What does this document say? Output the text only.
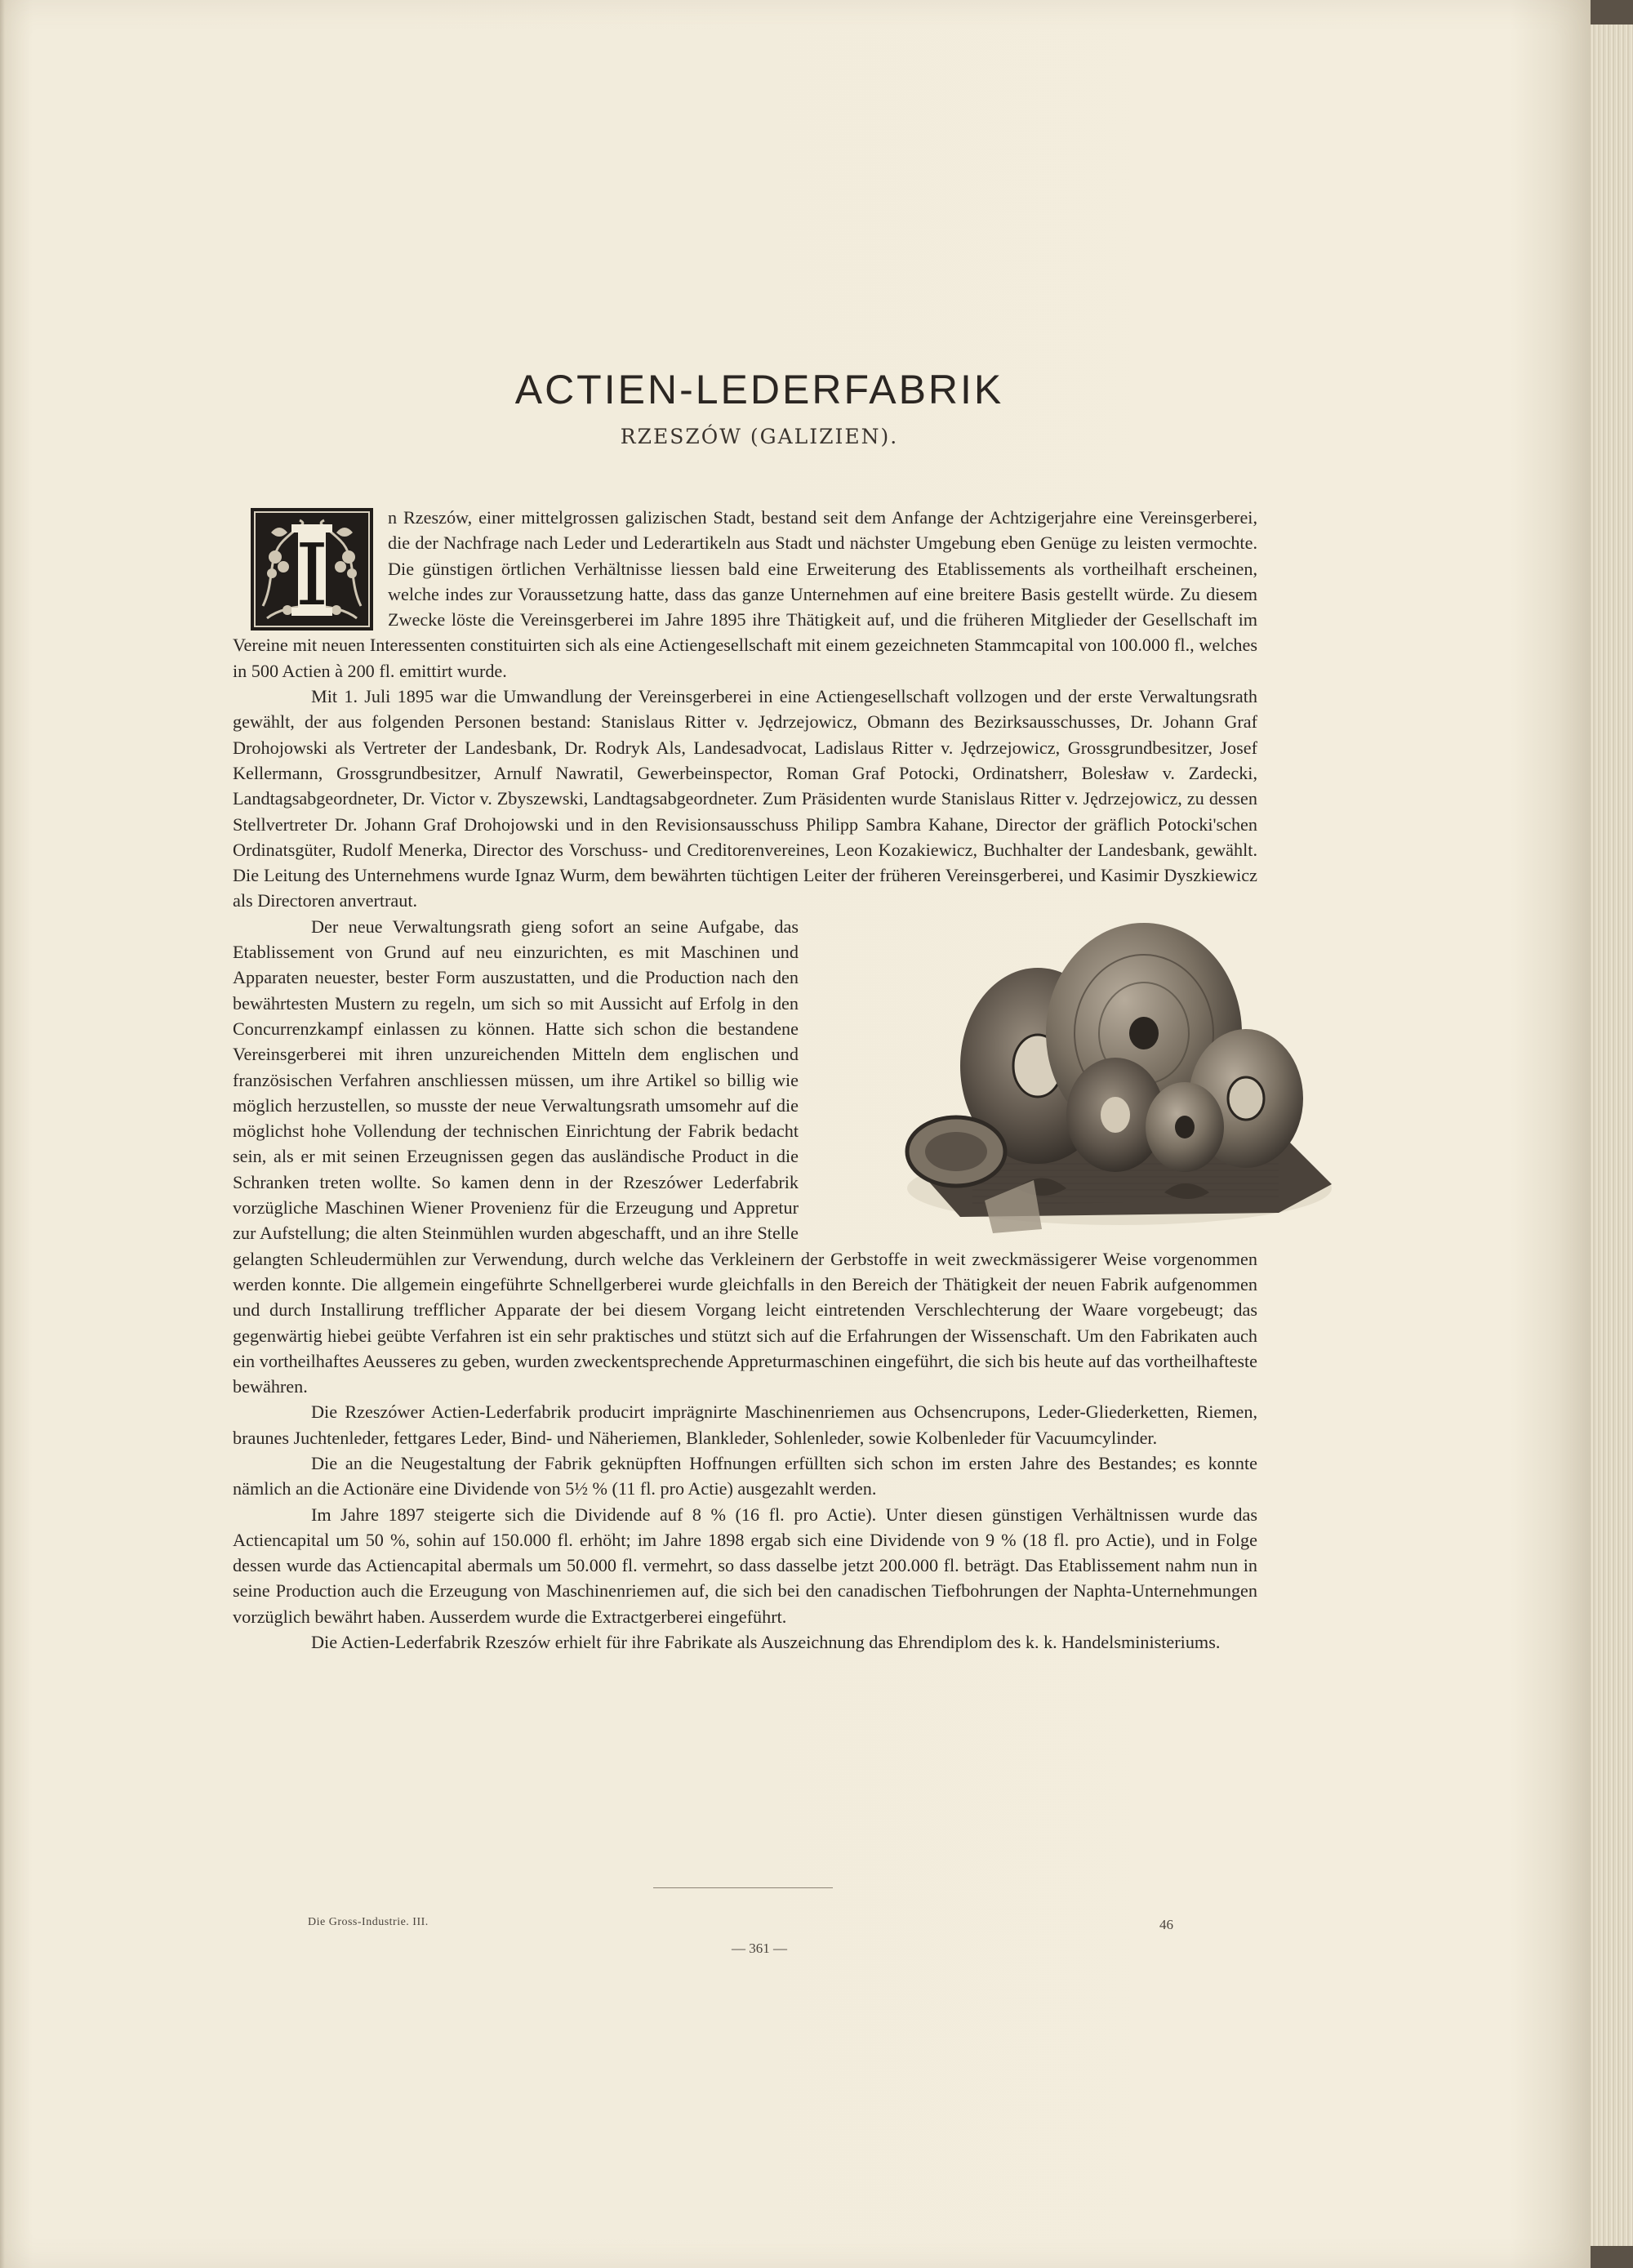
ACTIEN-LEDERFABRIK
RZESZÓW (GALIZIEN).

I
n Rzeszów, einer mittelgrossen galizischen Stadt, bestand seit dem Anfange der Achtzigerjahre eine Vereinsgerberei, die der Nachfrage nach Leder und Lederartikeln aus Stadt und nächster Umgebung eben Genüge zu leisten vermochte. Die günstigen örtlichen Verhältnisse liessen bald eine Erweiterung des Etablissements als vortheilhaft erscheinen, welche indes zur Voraussetzung hatte, dass das ganze Unternehmen auf eine breitere Basis gestellt würde. Zu diesem Zwecke löste die Vereinsgerberei im Jahre 1895 ihre Thätigkeit auf, und die früheren Mitglieder der Gesellschaft im Vereine mit neuen Interessenten constituirten sich als eine Actiengesellschaft mit einem gezeichneten Stammcapital von 100.000 fl., welches in 500 Actien à 200 fl. emittirt wurde.

Mit 1. Juli 1895 war die Umwandlung der Vereinsgerberei in eine Actiengesellschaft vollzogen und der erste Verwaltungsrath gewählt, der aus folgenden Personen bestand: Stanislaus Ritter v. Jędrzejowicz, Obmann des Bezirksausschusses, Dr. Johann Graf Drohojowski als Vertreter der Landesbank, Dr. Rodryk Als, Landesadvocat, Ladislaus Ritter v. Jędrzejowicz, Grossgrundbesitzer, Josef Kellermann, Grossgrundbesitzer, Arnulf Nawratil, Gewerbeinspector, Roman Graf Potocki, Ordinatsherr, Bolesław v. Zardecki, Landtagsabgeordneter, Dr. Victor v. Zbyszewski, Landtagsabgeordneter. Zum Präsidenten wurde Stanislaus Ritter v. Jędrzejowicz, zu dessen Stellvertreter Dr. Johann Graf Drohojowski und in den Revisionsausschuss Philipp Sambra Kahane, Director der gräflich Potocki'schen Ordinatsgüter, Rudolf Menerka, Director des Vorschuss- und Creditorenvereines, Leon Kozakiewicz, Buchhalter der Landesbank, gewählt. Die Leitung des Unternehmens wurde Ignaz Wurm, dem bewährten tüchtigen Leiter der früheren Vereinsgerberei, und Kasimir Dyszkiewicz als Directoren anvertraut.

Der neue Verwaltungsrath gieng sofort an seine Aufgabe, das Etablissement von Grund auf neu einzurichten, es mit Maschinen und Apparaten neuester, bester Form auszustatten, und die Production nach den bewährtesten Mustern zu regeln, um sich so mit Aussicht auf Erfolg in den Concurrenzkampf einlassen zu können. Hatte sich schon die bestandene Vereinsgerberei mit ihren unzureichenden Mitteln dem englischen und französischen Verfahren anschliessen müssen, um ihre Artikel so billig wie möglich herzustellen, so musste der neue Verwaltungsrath umsomehr auf die möglichst hohe Vollendung der technischen Einrichtung der Fabrik bedacht sein, als er mit seinen Erzeugnissen gegen das ausländische Product in die Schranken treten wollte. So kamen denn in der Rzeszówer Lederfabrik vorzügliche Maschinen Wiener Provenienz für die Erzeugung und Appretur zur Aufstellung; die alten Steinmühlen wurden abgeschafft, und an ihre Stelle gelangten Schleudermühlen zur Verwendung, durch welche das Verkleinern der Gerbstoffe in weit zweckmässigerer Weise vorgenommen werden konnte. Die allgemein eingeführte Schnellgerberei wurde gleichfalls in den Bereich der Thätigkeit der neuen Fabrik aufgenommen und durch Installirung trefflicher Apparate der bei diesem Vorgang leicht eintretenden Verschlechterung der Waare vorgebeugt; das gegenwärtig hiebei geübte Verfahren ist ein sehr praktisches und stützt sich auf die Erfahrungen der Wissenschaft. Um den Fabrikaten auch ein vortheilhaftes Aeusseres zu geben, wurden zweckentsprechende Appreturmaschinen eingeführt, die sich bis heute auf das vortheilhafteste bewähren.

Die Rzeszówer Actien-Lederfabrik producirt imprägnirte Maschinenriemen aus Ochsencrupons, Leder-Gliederketten, Riemen, braunes Juchtenleder, fettgares Leder, Bind- und Näheriemen, Blankleder, Sohlenleder, sowie Kolbenleder für Vacuumcylinder.

Die an die Neugestaltung der Fabrik geknüpften Hoffnungen erfüllten sich schon im ersten Jahre des Bestandes; es konnte nämlich an die Actionäre eine Dividende von 5½ % (11 fl. pro Actie) ausgezahlt werden.

Im Jahre 1897 steigerte sich die Dividende auf 8 % (16 fl. pro Actie). Unter diesen günstigen Verhältnissen wurde das Actiencapital um 50 %, sohin auf 150.000 fl. erhöht; im Jahre 1898 ergab sich eine Dividende von 9 % (18 fl. pro Actie), und in Folge dessen wurde das Actiencapital abermals um 50.000 fl. vermehrt, so dass dasselbe jetzt 200.000 fl. beträgt. Das Etablissement nahm nun in seine Production auch die Erzeugung von Maschinenriemen auf, die sich bei den canadischen Tiefbohrungen der Naphta-Unternehmungen vorzüglich bewährt haben. Ausserdem wurde die Extractgerberei eingeführt.

Die Actien-Lederfabrik Rzeszów erhielt für ihre Fabrikate als Auszeichnung das Ehrendiplom des k. k. Handelsministeriums.

Die Gross-Industrie. III.	46
— 361 —
